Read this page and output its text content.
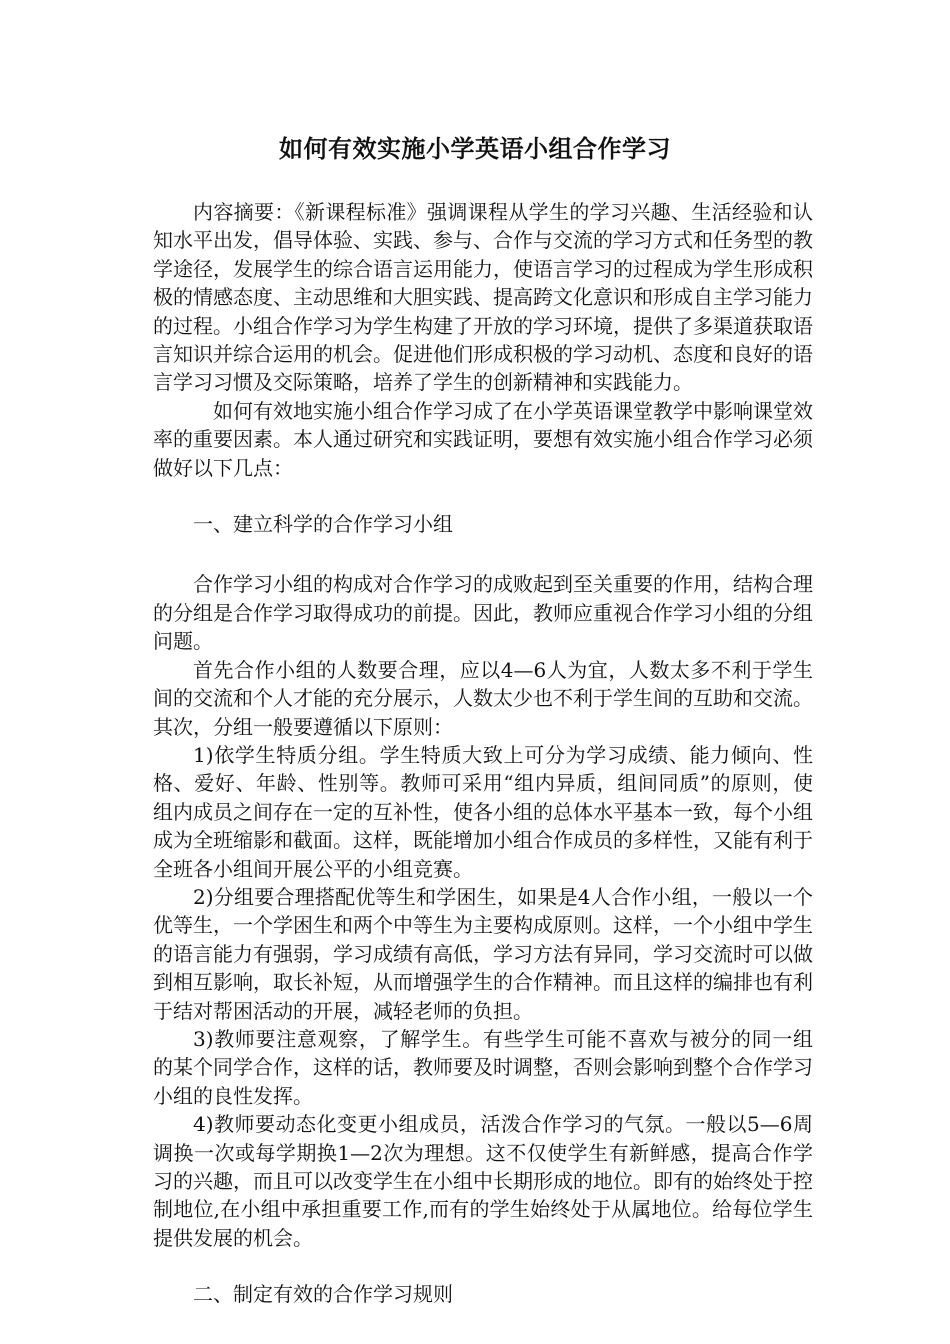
如何有效实施小学英语小组合作学习

内容摘要：《新课程标准》强调课程从学生的学习兴趣、生活经验和认知水平出发，倡导体验、实践、参与、合作与交流的学习方式和任务型的教学途径，发展学生的综合语言运用能力，使语言学习的过程成为学生形成积极的情感态度、主动思维和大胆实践、提高跨文化意识和形成自主学习能力的过程。小组合作学习为学生构建了开放的学习环境，提供了多渠道获取语言知识并综合运用的机会。促进他们形成积极的学习动机、态度和良好的语言学习习惯及交际策略，培养了学生的创新精神和实践能力。

如何有效地实施小组合作学习成了在小学英语课堂教学中影响课堂效率的重要因素。本人通过研究和实践证明，要想有效实施小组合作学习必须做好以下几点：

一、建立科学的合作学习小组

合作学习小组的构成对合作学习的成败起到至关重要的作用，结构合理的分组是合作学习取得成功的前提。因此，教师应重视合作学习小组的分组问题。

首先合作小组的人数要合理，应以4—6人为宜，人数太多不利于学生间的交流和个人才能的充分展示，人数太少也不利于学生间的互助和交流。其次，分组一般要遵循以下原则：

1)依学生特质分组。学生特质大致上可分为学习成绩、能力倾向、性格、爱好、年龄、性别等。教师可采用“组内异质，组间同质”的原则，使组内成员之间存在一定的互补性，使各小组的总体水平基本一致，每个小组成为全班缩影和截面。这样，既能增加小组合作成员的多样性，又能有利于全班各小组间开展公平的小组竞赛。

2)分组要合理搭配优等生和学困生，如果是4人合作小组，一般以一个优等生，一个学困生和两个中等生为主要构成原则。这样，一个小组中学生的语言能力有强弱，学习成绩有高低，学习方法有异同，学习交流时可以做到相互影响，取长补短，从而增强学生的合作精神。而且这样的编排也有利于结对帮困活动的开展，减轻老师的负担。

3)教师要注意观察，了解学生。有些学生可能不喜欢与被分的同一组的某个同学合作，这样的话，教师要及时调整，否则会影响到整个合作学习小组的良性发挥。

4)教师要动态化变更小组成员，活泼合作学习的气氛。一般以5—6周调换一次或每学期换1—2次为理想。这不仅使学生有新鲜感，提高合作学习的兴趣，而且可以改变学生在小组中长期形成的地位。即有的始终处于控制地位,在小组中承担重要工作,而有的学生始终处于从属地位。给每位学生提供发展的机会。

二、制定有效的合作学习规则
